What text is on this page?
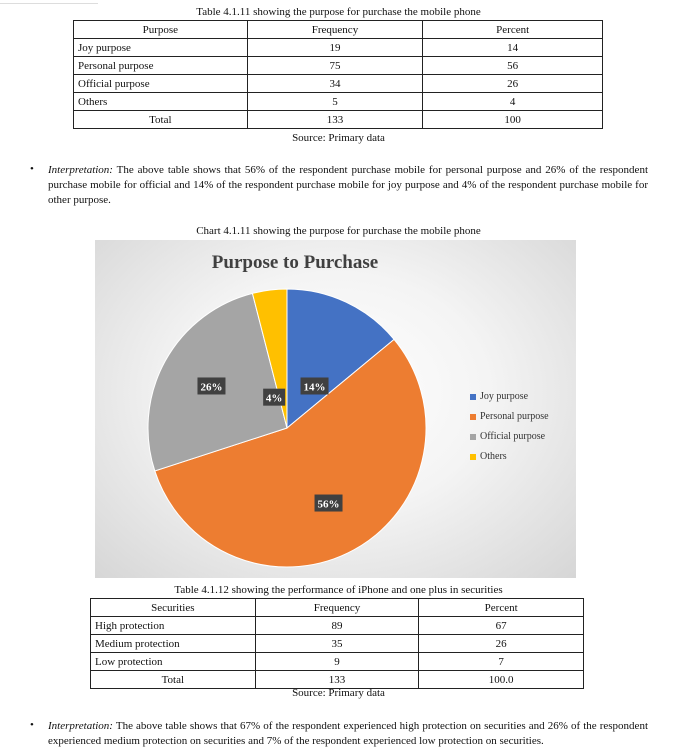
Table 4.1.11 showing the purpose for purchase the mobile phone
Purpose	Frequency	Percent
Joy purpose	19	14
Personal purpose	75	56
Official purpose	34	26
Others	5	4
Total	133	100
Source: Primary data
• Interpretation: The above table shows that 56% of the respondent purchase mobile for personal purpose and 26% of the respondent purchase mobile for official and 14% of the respondent purchase mobile for joy purpose and 4% of the respondent purchase mobile for other purpose.
Chart 4.1.11 showing the purpose for purchase the mobile phone
Purpose to Purchase
14%
56%
26%
4%	Joy purpose
Personal purpose
Official purpose
Others
Table 4.1.12 showing the performance of iPhone and one plus in securities
Securities	Frequency	Percent
High protection	89	67
Medium protection	35	26
Low protection	9	7
Total	133	100.0
Source: Primary data
• Interpretation: The above table shows that 67% of the respondent experienced high protection on securities and 26% of the respondent experienced medium protection on securities and 7% of the respondent experienced low protection on securities.
